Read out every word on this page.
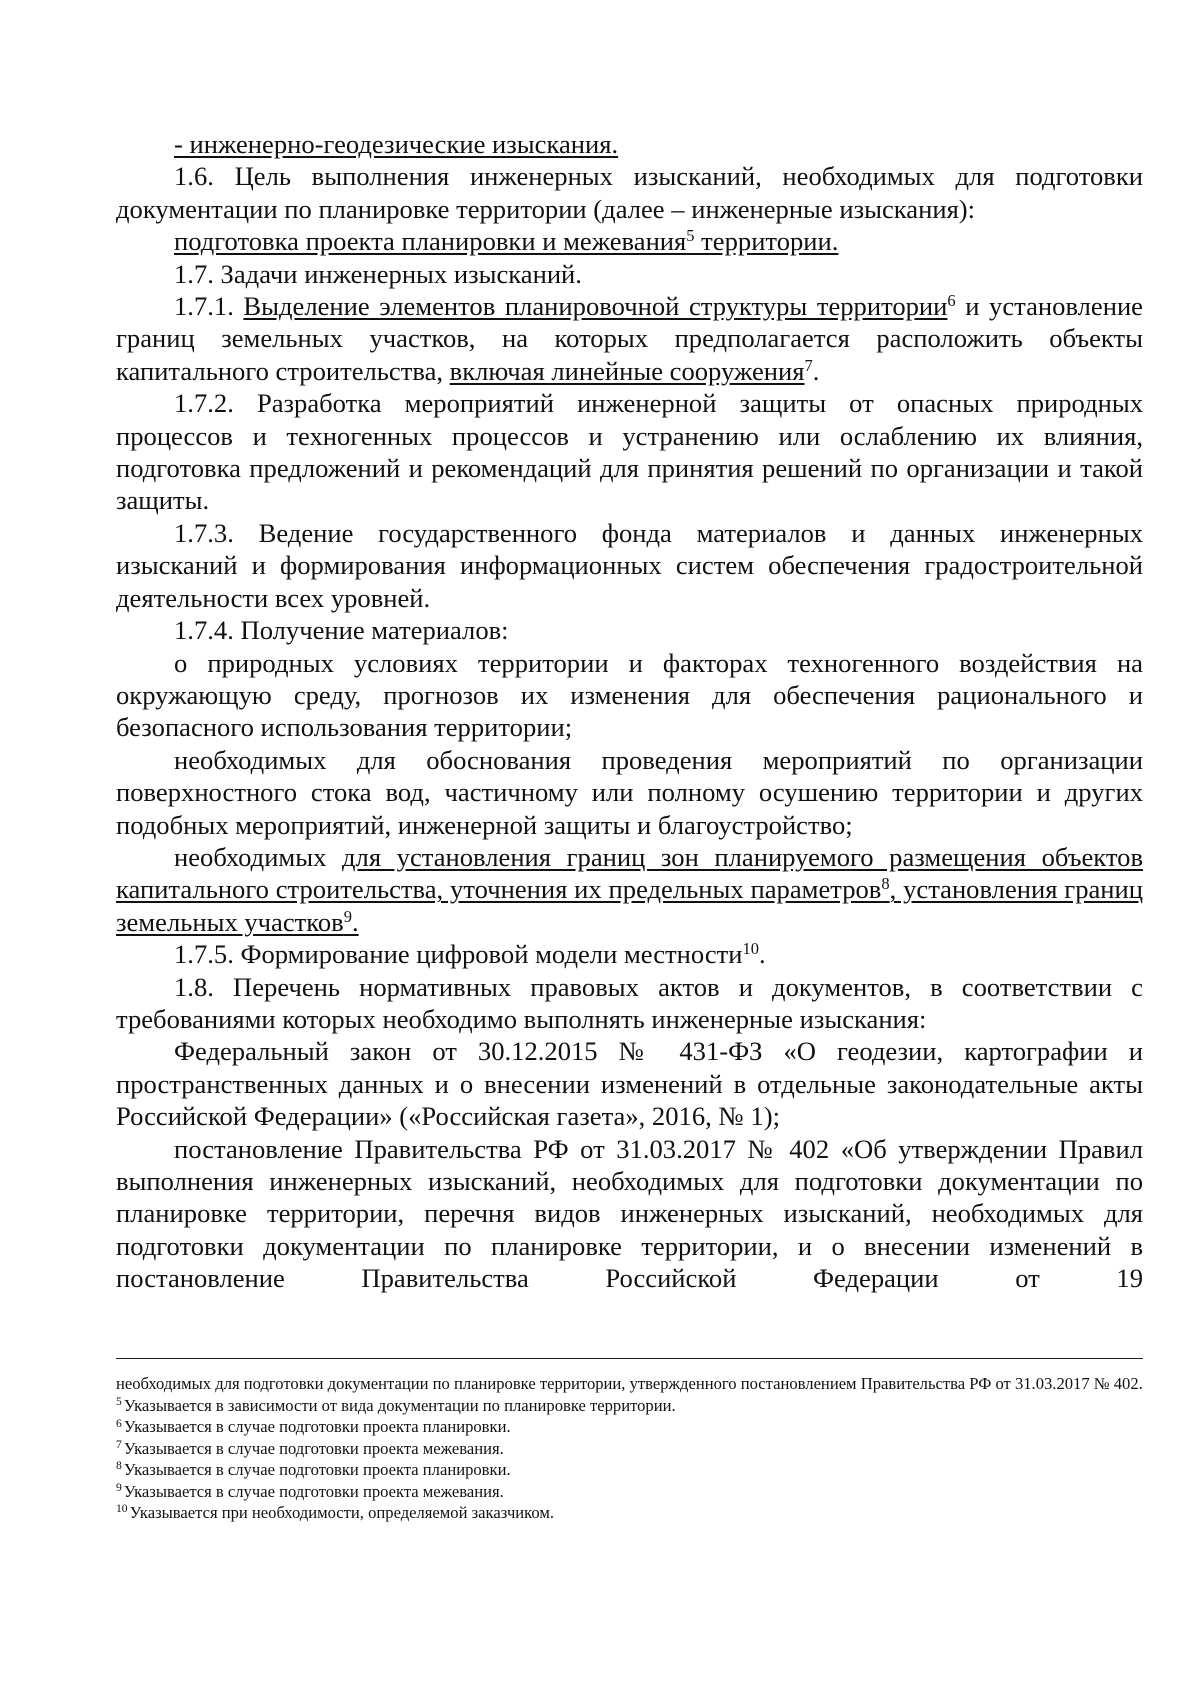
- инженерно-геодезические изыскания.

1.6. Цель выполнения инженерных изысканий, необходимых для подготовки документации по планировке территории (далее – инженерные изыскания):

подготовка проекта планировки и межевания$^5$ территории.

1.7. Задачи инженерных изысканий.

1.7.1. Выделение элементов планировочной структуры территории$^6$ и установление границ земельных участков, на которых предполагается расположить объекты капитального строительства, включая линейные сооружения$^7$.

1.7.2. Разработка мероприятий инженерной защиты от опасных природных процессов и техногенных процессов и устранению или ослаблению их влияния, подготовка предложений и рекомендаций для принятия решений по организации и такой защиты.

1.7.3. Ведение государственного фонда материалов и данных инженерных изысканий и формирования информационных систем обеспечения градостроительной деятельности всех уровней.

1.7.4. Получение материалов:

о природных условиях территории и факторах техногенного воздействия на окружающую среду, прогнозов их изменения для обеспечения рационального и безопасного использования территории;

необходимых для обоснования проведения мероприятий по организации поверхностного стока вод, частичному или полному осушению территории и других подобных мероприятий, инженерной защиты и благоустройство;

необходимых для установления границ зон планируемого размещения объектов капитального строительства, уточнения их предельных параметров$^8$, установления границ земельных участков$^9$.

1.7.5. Формирование цифровой модели местности$^{10}$.

1.8. Перечень нормативных правовых актов и документов, в соответствии с требованиями которых необходимо выполнять инженерные изыскания:

Федеральный закон от 30.12.2015 № 431-ФЗ «О геодезии, картографии и пространственных данных и о внесении изменений в отдельные законодательные акты Российской Федерации» («Российская газета», 2016, № 1);

постановление Правительства РФ от 31.03.2017 № 402 «Об утверждении Правил выполнения инженерных изысканий, необходимых для подготовки документации по планировке территории, перечня видов инженерных изысканий, необходимых для подготовки документации по планировке территории, и о внесении изменений в постановление Правительства Российской Федерации от 19

необходимых для подготовки документации по планировке территории, утвержденного постановлением Правительства РФ от 31.03.2017 № 402.

$^5$ Указывается в зависимости от вида документации по планировке территории.

$^6$ Указывается в случае подготовки проекта планировки.

$^7$ Указывается в случае подготовки проекта межевания.

$^8$ Указывается в случае подготовки проекта планировки.

$^9$ Указывается в случае подготовки проекта межевания.

$^{10}$ Указывается при необходимости, определяемой заказчиком.
